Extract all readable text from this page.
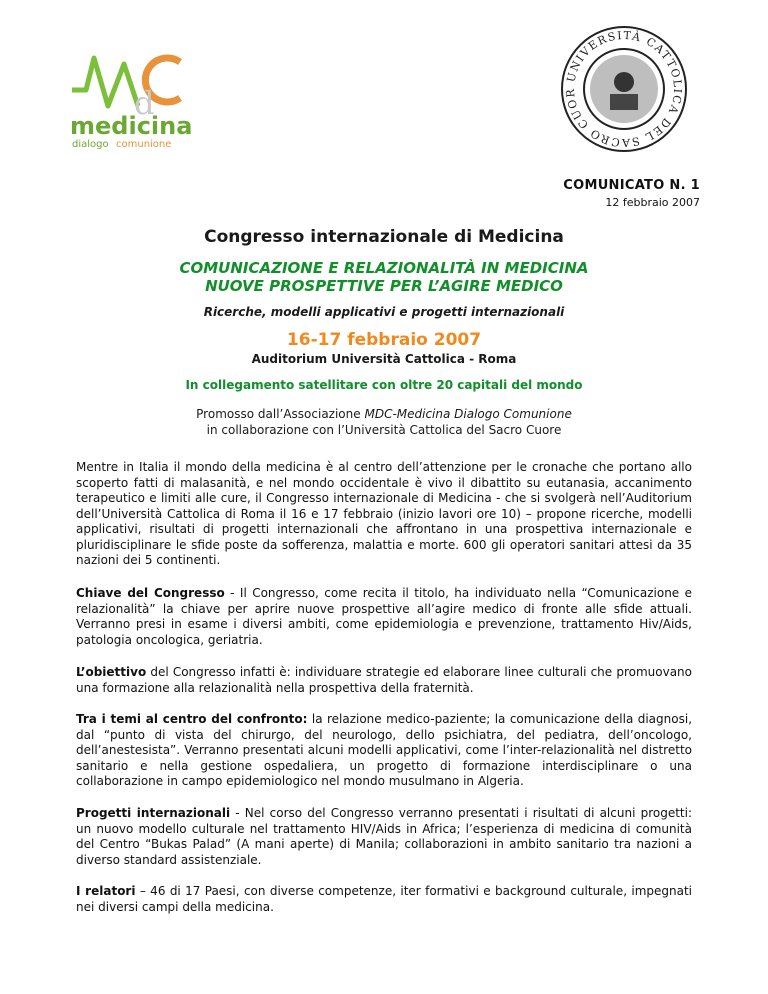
d
medicina
dialogo comunione
UNIVERSITÀ CATTOLICA DEL SACRO CUOR
COMUNICATO N. 1
12 febbraio 2007
Congresso internazionale di Medicina
COMUNICAZIONE E RELAZIONALITÀ IN MEDICINA
NUOVE PROSPETTIVE PER L’AGIRE MEDICO
Ricerche, modelli applicativi e progetti internazionali
16-17 febbraio 2007
Auditorium Università Cattolica - Roma
In collegamento satellitare con oltre 20 capitali del mondo
Promosso dall’Associazione MDC-Medicina Dialogo Comunione
in collaborazione con l’Università Cattolica del Sacro Cuore
Mentre in Italia il mondo della medicina è al centro dell’attenzione per le cronache che portano allo scoperto fatti di malasanità, e nel mondo occidentale è vivo il dibattito su eutanasia, accanimento terapeutico e limiti alle cure, il Congresso internazionale di Medicina - che si svolgerà nell’Auditorium dell’Università Cattolica di Roma il 16 e 17 febbraio (inizio lavori ore 10) – propone ricerche, modelli applicativi, risultati di progetti internazionali che affrontano in una prospettiva internazionale e pluridisciplinare le sfide poste da sofferenza, malattia e morte. 600 gli operatori sanitari attesi da 35 nazioni dei 5 continenti.
Chiave del Congresso - Il Congresso, come recita il titolo, ha individuato nella “Comunicazione e relazionalità” la chiave per aprire nuove prospettive all’agire medico di fronte alle sfide attuali. Verranno presi in esame i diversi ambiti, come epidemiologia e prevenzione, trattamento Hiv/Aids, patologia oncologica, geriatria.
L’obiettivo del Congresso infatti è: individuare strategie ed elaborare linee culturali che promuovano una formazione alla relazionalità nella prospettiva della fraternità.
Tra i temi al centro del confronto: la relazione medico-paziente; la comunicazione della diagnosi, dal “punto di vista del chirurgo, del neurologo, dello psichiatra, del pediatra, dell’oncologo, dell’anestesista”. Verranno presentati alcuni modelli applicativi, come l’inter-relazionalità nel distretto sanitario e nella gestione ospedaliera, un progetto di formazione interdisciplinare o una collaborazione in campo epidemiologico nel mondo musulmano in Algeria.
Progetti internazionali - Nel corso del Congresso verranno presentati i risultati di alcuni progetti: un nuovo modello culturale nel trattamento HIV/Aids in Africa; l’esperienza di medicina di comunità del Centro “Bukas Palad” (A mani aperte) di Manila; collaborazioni in ambito sanitario tra nazioni a diverso standard assistenziale.
I relatori – 46 di 17 Paesi, con diverse competenze, iter formativi e background culturale, impegnati nei diversi campi della medicina.
